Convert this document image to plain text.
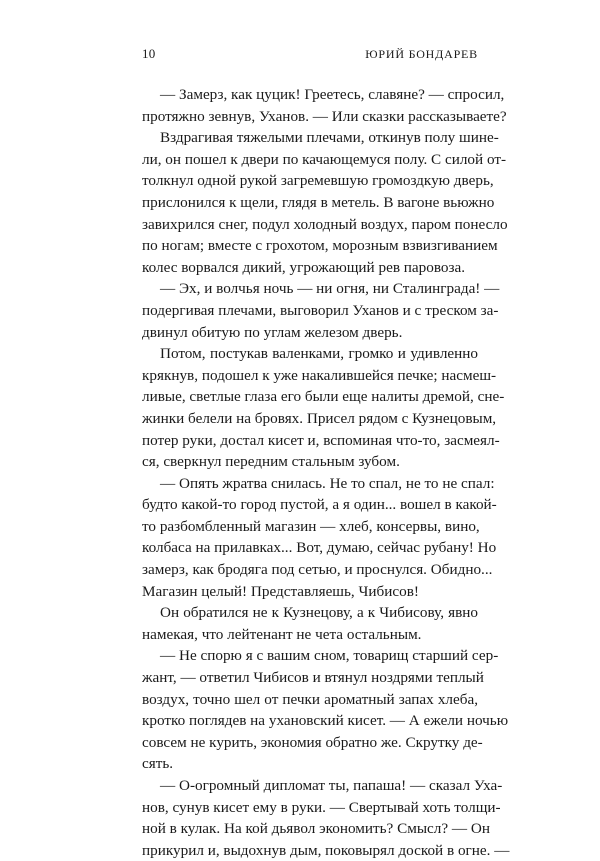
10	ЮРИЙ БОНДАРЕВ
— Замерз, как цуцик! Греетесь, славяне? — спросил,
протяжно зевнув, Уханов. — Или сказки рассказываете?
Вздрагивая тяжелыми плечами, откинув полу шине-
ли, он пошел к двери по качающемуся полу. С силой от-
толкнул одной рукой загремевшую громоздкую дверь,
прислонился к щели, глядя в метель. В вагоне вьюжно
завихрился снег, подул холодный воздух, паром понесло
по ногам; вместе с грохотом, морозным взвизгиванием
колес ворвался дикий, угрожающий рев паровоза.
— Эх, и волчья ночь — ни огня, ни Сталинграда! —
подергивая плечами, выговорил Уханов и с треском за-
двинул обитую по углам железом дверь.
Потом, постукав валенками, громко и удивленно
крякнув, подошел к уже накалившейся печке; насмеш-
ливые, светлые глаза его были еще налиты дремой, сне-
жинки белели на бровях. Присел рядом с Кузнецовым,
потер руки, достал кисет и, вспоминая что-то, засмеял-
ся, сверкнул передним стальным зубом.
— Опять жратва снилась. Не то спал, не то не спал:
будто какой-то город пустой, а я один... вошел в какой-
то разбомбленный магазин — хлеб, консервы, вино,
колбаса на прилавках... Вот, думаю, сейчас рубану! Но
замерз, как бродяга под сетью, и проснулся. Обидно...
Магазин целый! Представляешь, Чибисов!
Он обратился не к Кузнецову, а к Чибисову, явно
намекая, что лейтенант не чета остальным.
— Не спорю я с вашим сном, товарищ старший сер-
жант, — ответил Чибисов и втянул ноздрями теплый
воздух, точно шел от печки ароматный запах хлеба,
кротко поглядев на ухановский кисет. — А ежели ночью
совсем не курить, экономия обратно же. Скрутку дe-
сять.
— О-огромный дипломат ты, папаша! — сказал Уха-
нов, сунув кисет ему в руки. — Свертывай хоть толщи-
ной в кулак. На кой дьявол экономить? Смысл? — Он
прикурил и, выдохнув дым, поковырял доской в огне. —
